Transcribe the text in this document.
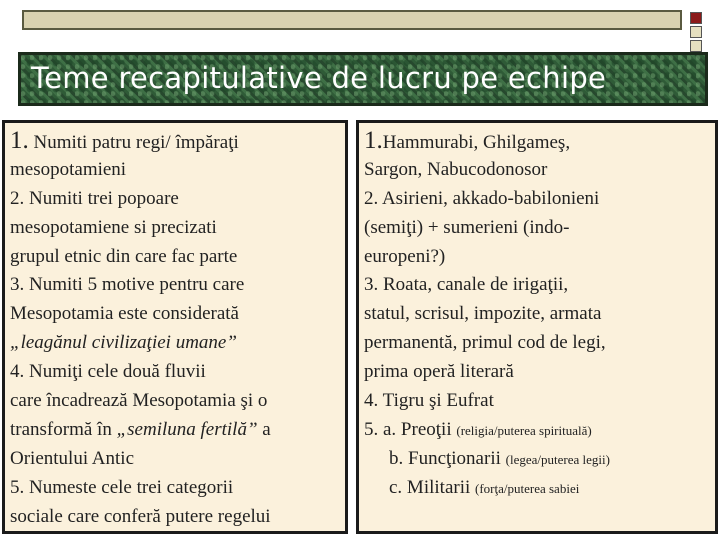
Teme recapitulative de lucru pe echipe
1. Numiti patru regi/ împăraţi
mesopotamieni
2. Numiti trei popoare
mesopotamiene si precizati
grupul etnic din care fac parte
3. Numiti 5 motive pentru care
Mesopotamia este considerată
„leagănul civilizaţiei umane”
4. Numiţi cele două fluvii
care încadrează Mesopotamia şi o
transformă în „semiluna fertilă” a
Orientului Antic
5. Numeste cele trei categorii
sociale care conferă putere regelui
1.Hammurabi, Ghilgameş,
Sargon, Nabucodonosor
2. Asirieni, akkado-babilonieni
(semiţi) + sumerieni (indo-
europeni?)
3. Roata, canale de irigaţii,
statul, scrisul, impozite, armata
permanentă, primul cod de legi,
prima operă literară
4. Tigru şi Eufrat
5. a. Preoţii (religia/puterea spirituală)
b. Funcţionarii (legea/puterea legii)
c. Militarii (forţa/puterea sabiei
